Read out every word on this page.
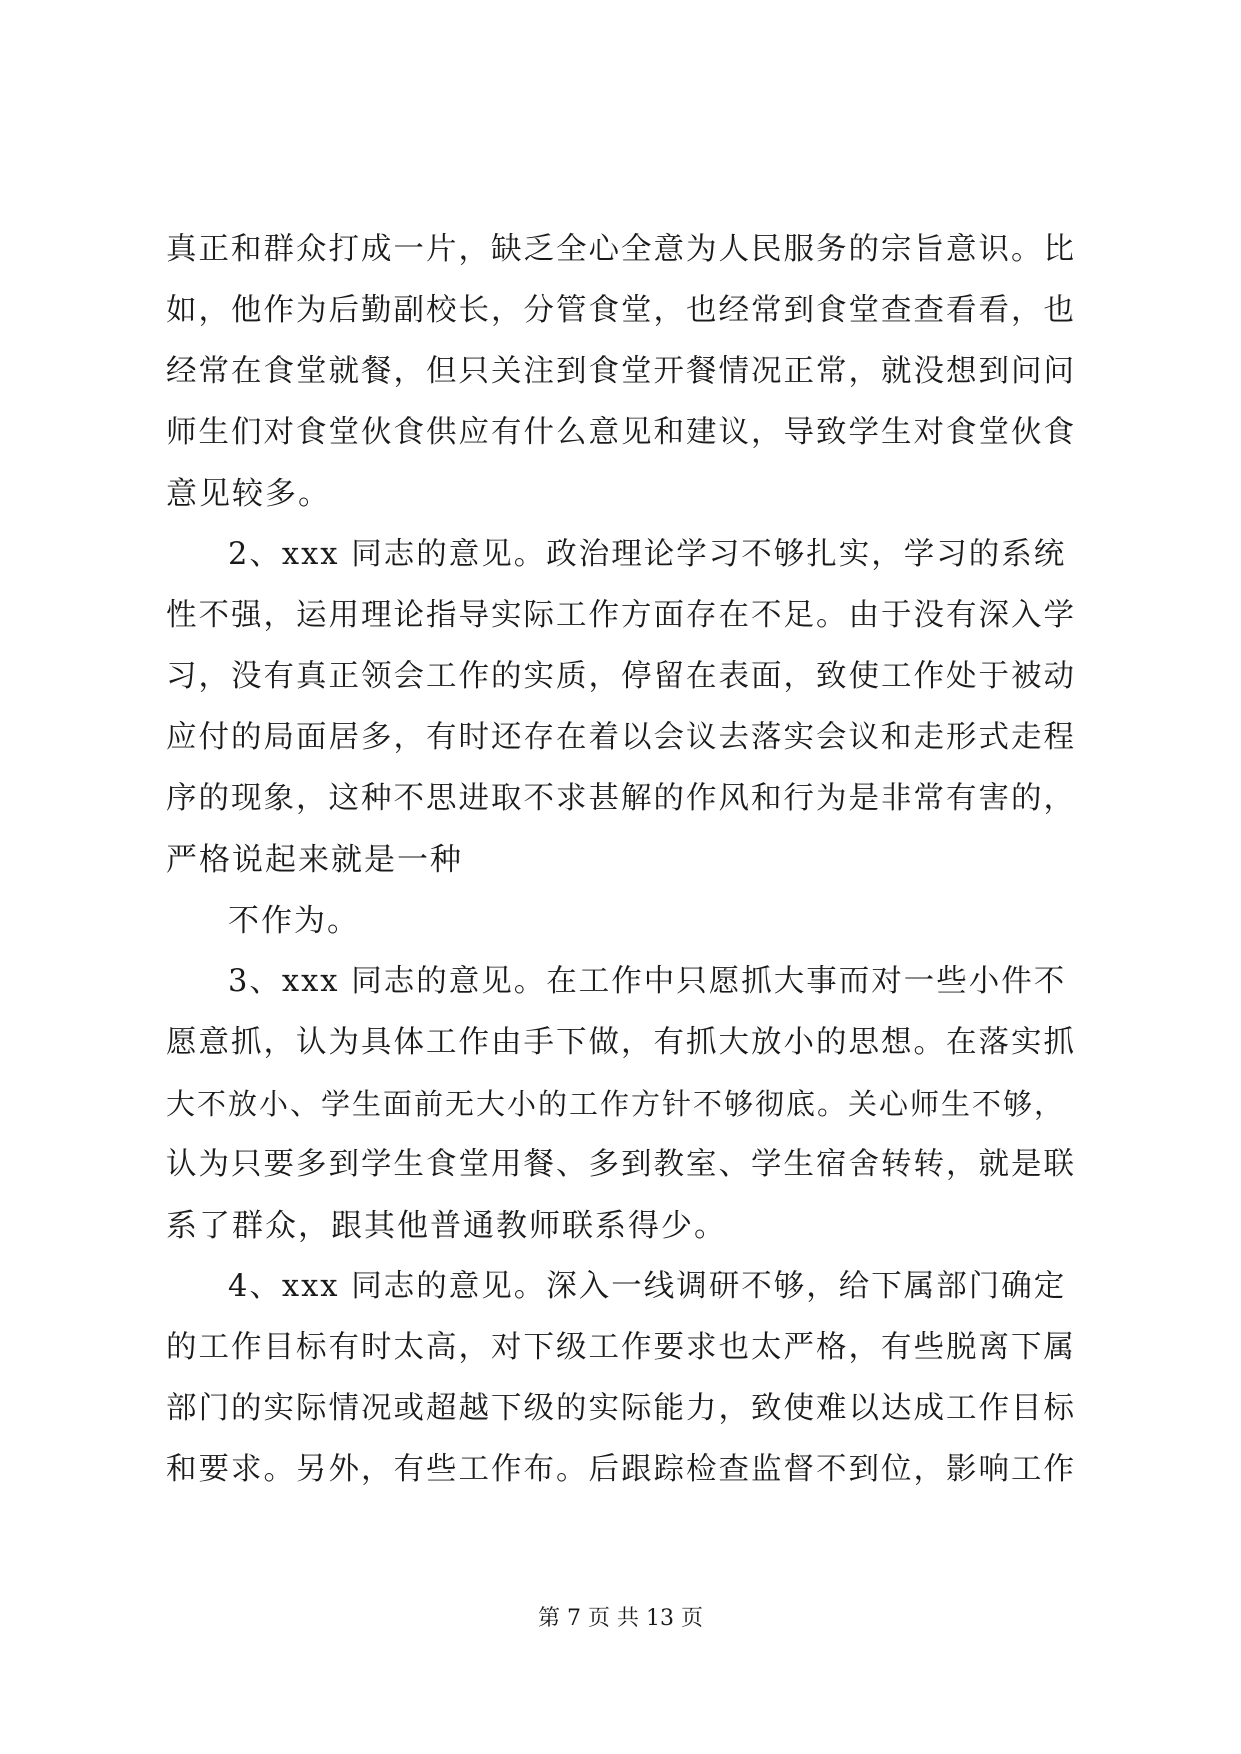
真正和群众打成一片，缺乏全心全意为人民服务的宗旨意识。比
如，他作为后勤副校长，分管食堂，也经常到食堂查查看看，也
经常在食堂就餐，但只关注到食堂开餐情况正常，就没想到问问
师生们对食堂伙食供应有什么意见和建议，导致学生对食堂伙食
意见较多。
2、xxx 同志的意见。政治理论学习不够扎实，学习的系统
性不强，运用理论指导实际工作方面存在不足。由于没有深入学
习，没有真正领会工作的实质，停留在表面，致使工作处于被动
应付的局面居多，有时还存在着以会议去落实会议和走形式走程
序的现象，这种不思进取不求甚解的作风和行为是非常有害的，
严格说起来就是一种
不作为。
3、xxx 同志的意见。在工作中只愿抓大事而对一些小件不
愿意抓，认为具体工作由手下做，有抓大放小的思想。在落实抓
大不放小、学生面前无大小的工作方针不够彻底。关心师生不够，
认为只要多到学生食堂用餐、多到教室、学生宿舍转转，就是联
系了群众，跟其他普通教师联系得少。
4、xxx 同志的意见。深入一线调研不够，给下属部门确定
的工作目标有时太高，对下级工作要求也太严格，有些脱离下属
部门的实际情况或超越下级的实际能力，致使难以达成工作目标
和要求。另外，有些工作布。后跟踪检查监督不到位，影响工作
第 7 页 共 13 页
